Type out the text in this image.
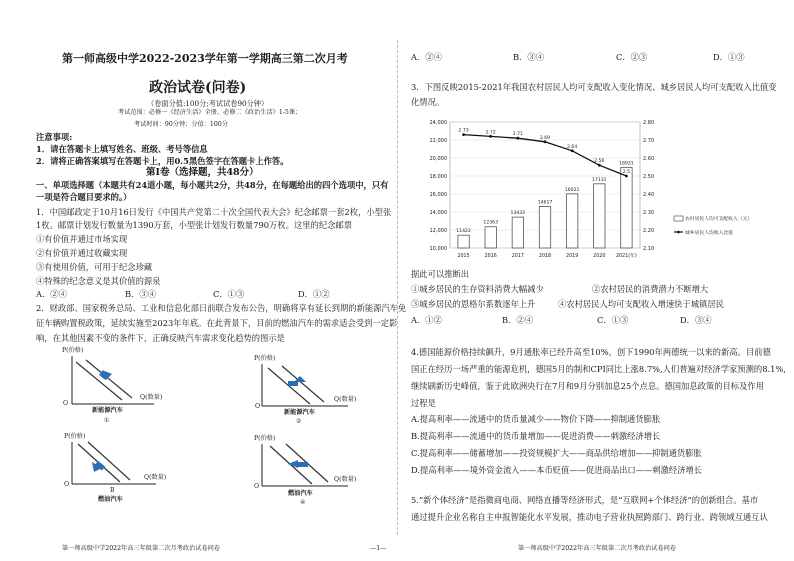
第一师高级中学2022-2023学年第一学期高三第二次月考
政治试卷(问卷)
（卷面分值:100分;考试试卷90分钟）
考试范围：必修一《经济生活》全册，必修二《政治生活》1-5课；
考试时间：90分钟；分值：100分
注意事项:
1．请在答题卡上填写姓名、班级、考号等信息
2．请将正确答案填写在答题卡上，用0.5黑色签字在答题卡上作答。
第Ⅰ卷（选择题，共48分）
一、单项选择题（本题共有24道小题，每小题共2分，共48分，在每题给出的四个选项中，只有
一项是符合题目要求的。）
1．中国邮政定于10月16日发行《中国共产党第二十次全国代表大会》纪念邮票一套2枚，小型张
1枚。邮票计划发行数量为1390万套，小型张计划发行数量790万枚。这里的纪念邮票
①有价值并通过市场实现
②有价值并通过收藏实现
③有使用价值，可用于纪念珍藏
④特殊的纪念意义是其价值的源泉
A．②④	B．③④	C．①③	D．①②
2．财政部、国家税务总局、工业和信息化部日前联合发布公告，明确将享有延长到期的新能源汽车免
征车辆购置税政策，延续实施至2023年年底。在此背景下，目前的燃油汽车的需求适会受到一定影
响，在其他因素不变的条件下，正确反映汽车需求变化趋势的图示是
P(价格)
O
Q(数量)
新能源汽车
①
P(价格)
O
Q(数量)
新能源汽车
②
P(价格)
O
Q(数量)
B
燃油汽车
P(价格)
O
Q(数量)
燃油汽车
④
第一师高级中学2022年高三年级第二次月考政治试卷问卷	—1—
A．②④	B．③④	C．②③	D．①③
3．下图反映2015-2021年我国农村居民人均可支配收入变化情况、城乡居民人均可支配收入比值变
化情况。
24,000
22,000
20,000
18,000
16,000
14,000
12,000
10,000
2.80
2.70
2.60
2.50
2.40
2.30
2.20
2.10
11422
2015
12363
2016
13432
2017
14617
2018
16021
2019
17131
2020
18931
2021(年)
2.73	2.72	2.71
2.69
2.64
2.56
2.5
农村居民人均可支配收入（元）
城乡居民人均收入比值
据此可以推断出
①城乡居民的生存资料消费大幅减少	②农村居民的消费潜力不断增大
③城乡居民的恩格尔系数逐年上升	④农村居民人均可支配收入增速快于城镇居民
A．①②	B．②④	C．①③	D．③④
4.德国能源价格持续飙升，9月通胀率已经升高至10%，创下1990年两德统一以来的新高。目前德
国正在经历一场严重的能源危机，德国5月的制和CPI同比上涨8.7%,人们普遍对经济学家预测的8.1%,
继续刷新历史峰值，鉴于此欧洲央行在7月和9月分别加息25个点息。德国加息政策的目标及作用
过程是
A.提高利率——流通中的货币量减少——物价下降——抑制通货膨胀
B.提高利率——流通中的货币量增加——促进消费——刺激经济增长
C.提高利率——储蓄增加——投资规模扩大——商品供给增加——抑制通货膨胀
D.提高利率——境外资金流入——本币贬值——促进商品出口——刺激经济增长
5.“新个体经济”是指微商电商、网络直播等经济形式，是“互联网+个体经济”的创新组合。基市
通过提升企业名称自主申报智能化水平发展，推动电子营业执照跨部门、跨行业、跨领域互通互认
第一师高级中学2022年高三年级第二次月考政治试卷问卷
